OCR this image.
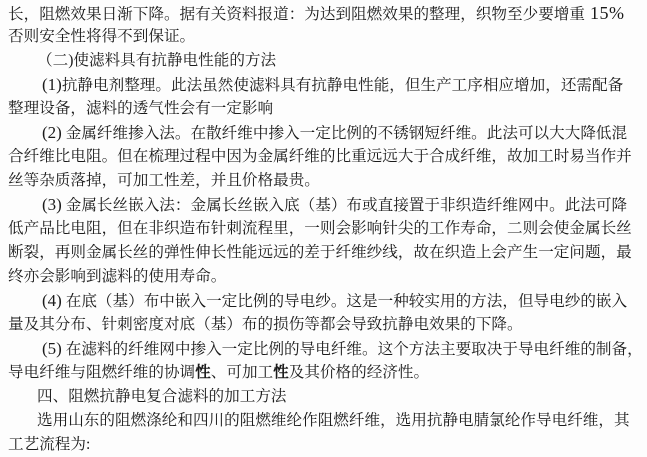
长，阻燃效果日渐下降。据有关资料报道：为达到阻燃效果的整理，织物至少要增重 15%
否则安全性将得不到保证。
（二)使滤料具有抗静电性能的方法
(1)抗静电剂整理。此法虽然使滤料具有抗静电性能，但生产工序相应增加，还需配备
整理设备，滤料的透气性会有一定影响
(2) 金属纤维掺入法。在散纤维中掺入一定比例的不锈钢短纤维。此法可以大大降低混
合纤维比电阻。但在梳理过程中因为金属纤维的比重远远大于合成纤维，故加工时易当作并
丝等杂质落掉，可加工性差，并且价格最贵。
(3) 金属长丝嵌入法：金属长丝嵌入底（基）布或直接置于非织造纤维网中。此法可降
低产品比电阻，但在非织造布针刺流程里，一则会影响针尖的工作寿命，二则会使金属长丝
断裂，再则金属长丝的弹性伸长性能远远的差于纤维纱线，故在织造上会产生一定问题，最
终亦会影响到滤料的使用寿命。
(4) 在底（基）布中嵌入一定比例的导电纱。这是一种较实用的方法，但导电纱的嵌入
量及其分布、针刺密度对底（基）布的损伤等都会导致抗静电效果的下降。
(5) 在滤料的纤维网中掺入一定比例的导电纤维。这个方法主要取决于导电纤维的制备，
导电纤维与阻燃纤维的协调性、可加工性及其价格的经济性。
四、阻燃抗静电复合滤料的加工方法
选用山东的阻燃涤纶和四川的阻燃维纶作阻燃纤维，选用抗静电腈氯纶作导电纤维，其
工艺流程为:
